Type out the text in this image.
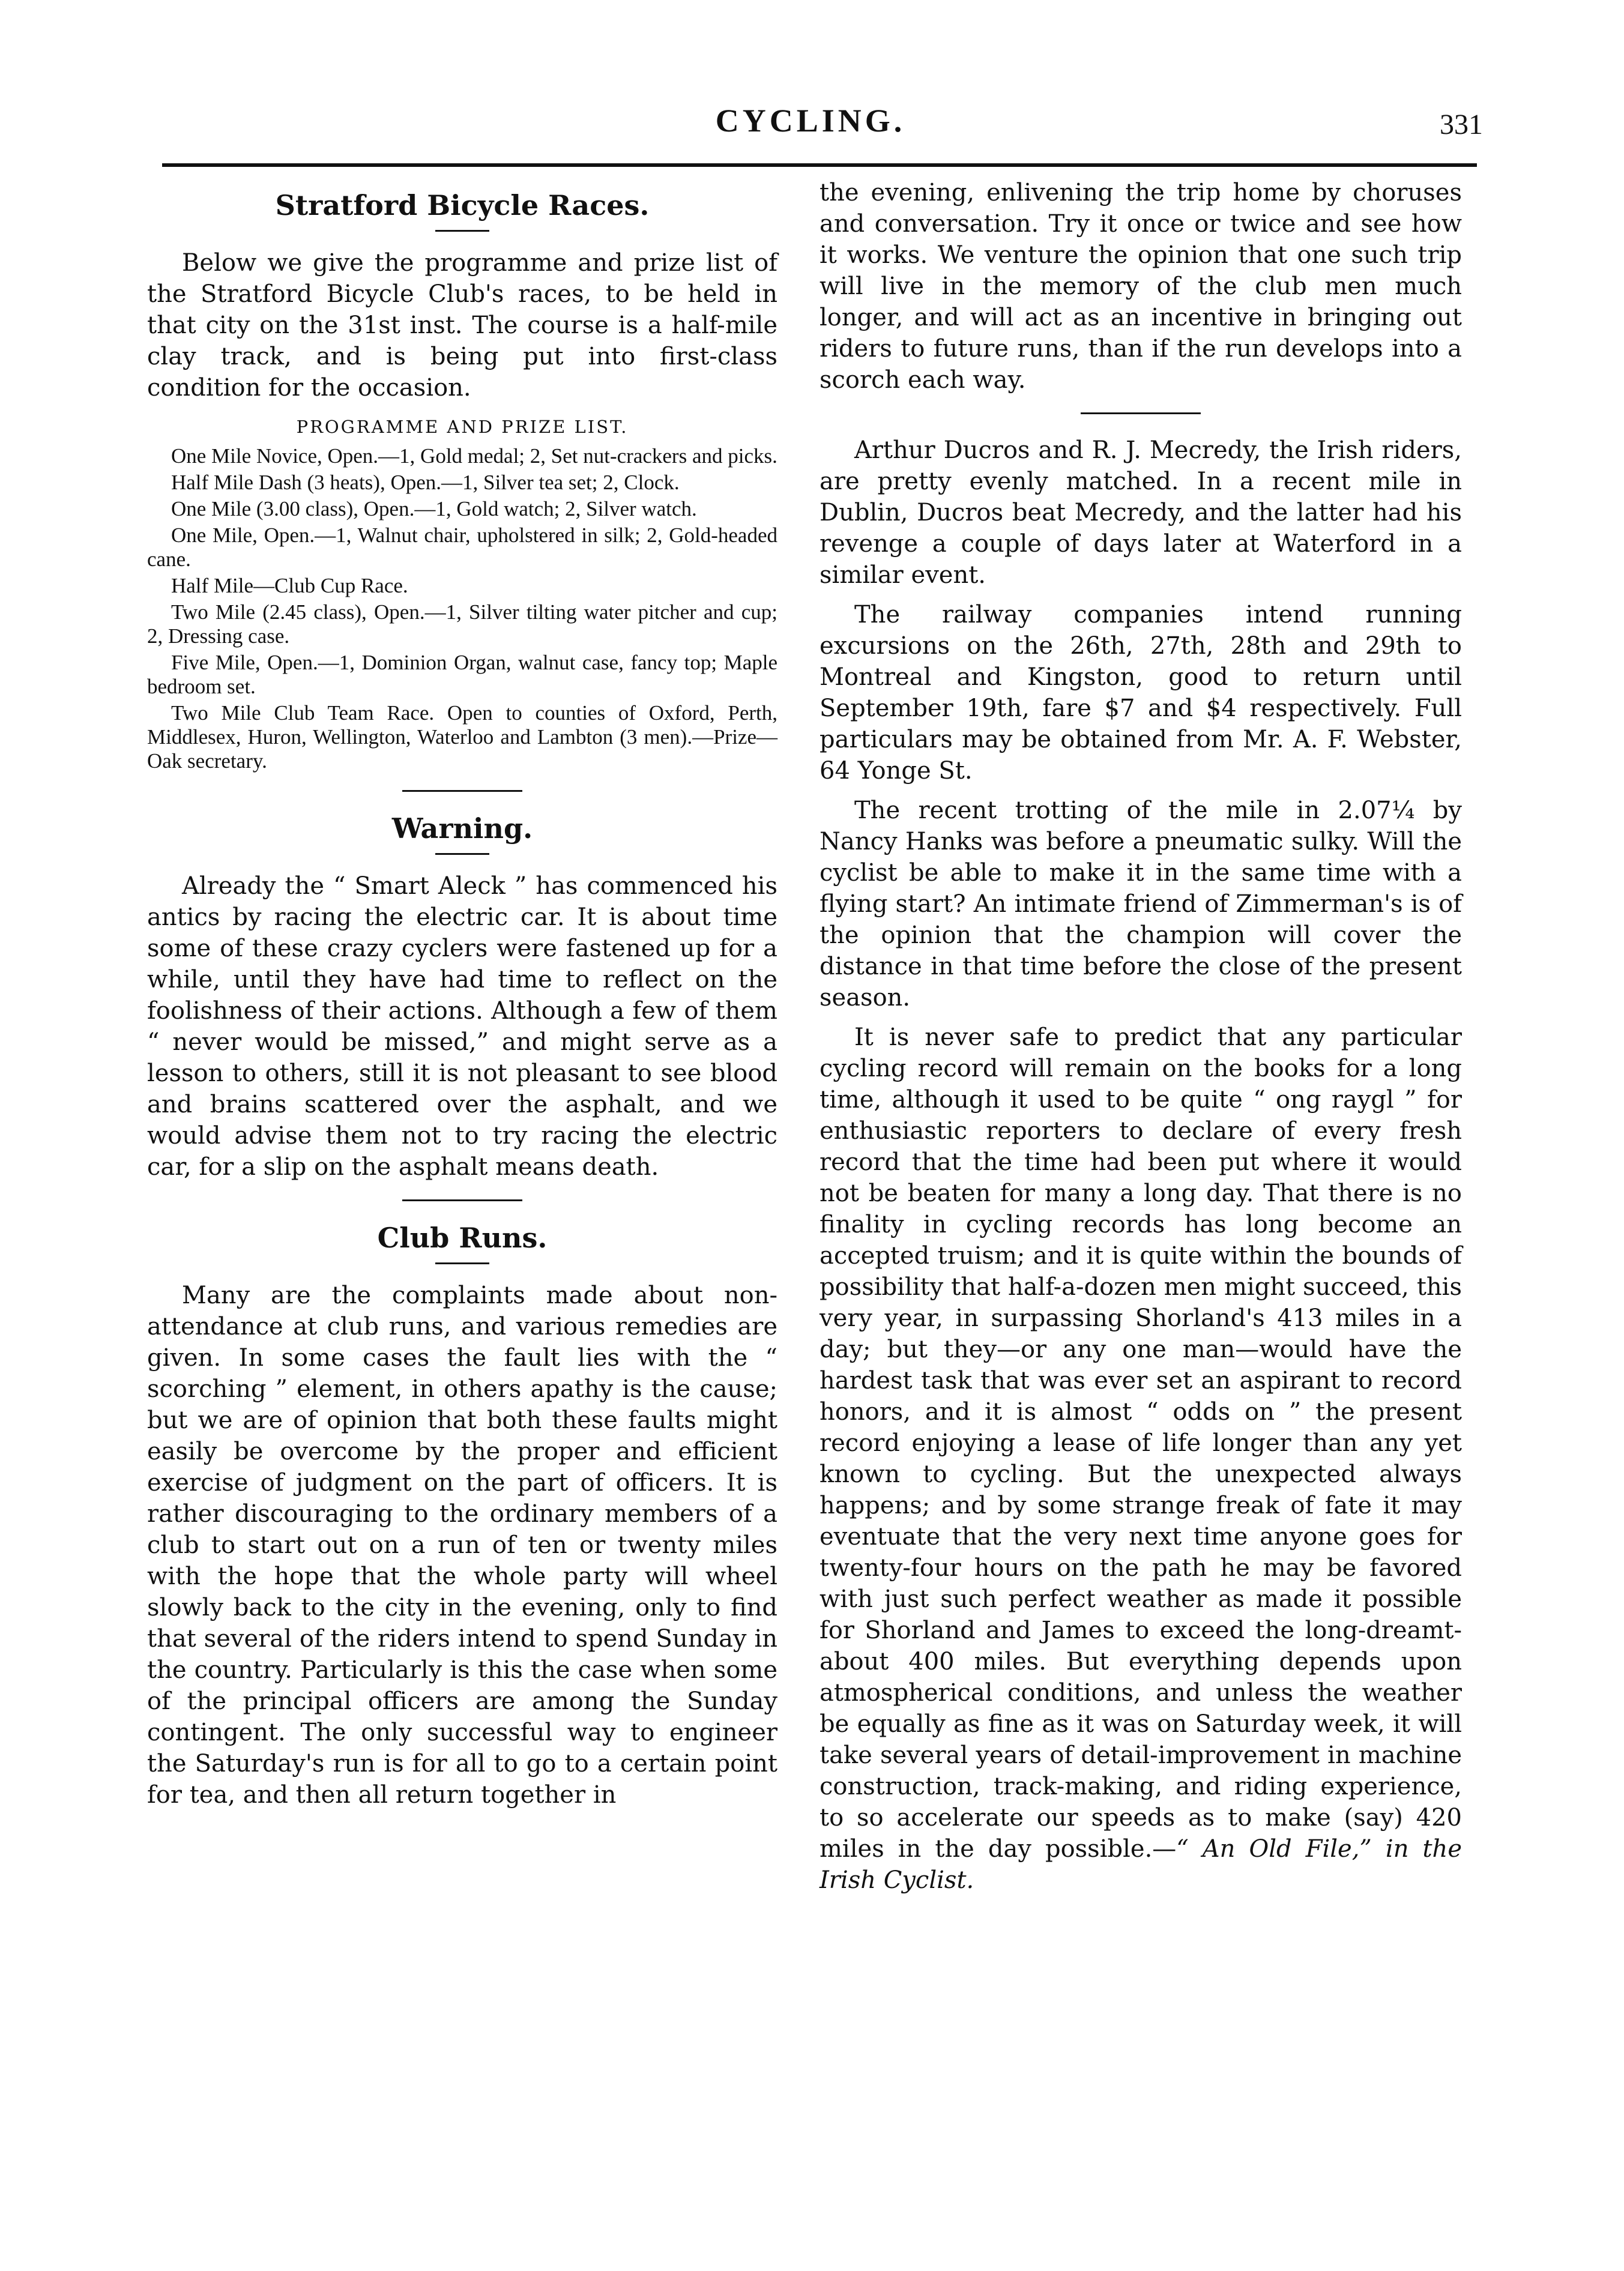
CYCLING.	331
Stratford Bicycle Races.

Below we give the programme and prize list of the Stratford Bicycle Club's races, to be held in that city on the 31st inst. The course is a half-mile clay track, and is being put into first-class condition for the occasion.

PROGRAMME AND PRIZE LIST.
One Mile Novice, Open.—1, Gold medal; 2, Set nut-crackers and picks.
Half Mile Dash (3 heats), Open.—1, Silver tea set; 2, Clock.
One Mile (3.00 class), Open.—1, Gold watch; 2, Silver watch.
One Mile, Open.—1, Walnut chair, upholstered in silk; 2, Gold-headed cane.
Half Mile—Club Cup Race.
Two Mile (2.45 class), Open.—1, Silver tilting water pitcher and cup; 2, Dressing case.
Five Mile, Open.—1, Dominion Organ, walnut case, fancy top; Maple bedroom set.
Two Mile Club Team Race. Open to counties of Oxford, Perth, Middlesex, Huron, Wellington, Waterloo and Lambton (3 men).—Prize—Oak secretary.
Warning.

Already the “ Smart Aleck ” has commenced his antics by racing the electric car. It is about time some of these crazy cyclers were fastened up for a while, until they have had time to reflect on the foolishness of their actions. Although a few of them “ never would be missed,” and might serve as a lesson to others, still it is not pleasant to see blood and brains scattered over the asphalt, and we would advise them not to try racing the electric car, for a slip on the asphalt means death.

Club Runs.

Many are the complaints made about non-attendance at club runs, and various remedies are given. In some cases the fault lies with the “ scorching ” element, in others apathy is the cause; but we are of opinion that both these faults might easily be overcome by the proper and efficient exercise of judgment on the part of officers. It is rather discouraging to the ordinary members of a club to start out on a run of ten or twenty miles with the hope that the whole party will wheel slowly back to the city in the evening, only to find that several of the riders intend to spend Sunday in the country. Particularly is this the case when some of the principal officers are among the Sunday contingent. The only successful way to engineer the Saturday's run is for all to go to a certain point for tea, and then all return together in

the evening, enlivening the trip home by choruses and conversation. Try it once or twice and see how it works. We venture the opinion that one such trip will live in the memory of the club men much longer, and will act as an incentive in bringing out riders to future runs, than if the run develops into a scorch each way.

Arthur Ducros and R. J. Mecredy, the Irish riders, are pretty evenly matched. In a recent mile in Dublin, Ducros beat Mecredy, and the latter had his revenge a couple of days later at Waterford in a similar event.

The railway companies intend running excursions on the 26th, 27th, 28th and 29th to Montreal and Kingston, good to return until September 19th, fare $7 and $4 respectively. Full particulars may be obtained from Mr. A. F. Webster, 64 Yonge St.

The recent trotting of the mile in 2.07¼ by Nancy Hanks was before a pneumatic sulky. Will the cyclist be able to make it in the same time with a flying start? An intimate friend of Zimmerman's is of the opinion that the champion will cover the distance in that time before the close of the present season.

It is never safe to predict that any particular cycling record will remain on the books for a long time, although it used to be quite “ ong raygl ” for enthusiastic reporters to declare of every fresh record that the time had been put where it would not be beaten for many a long day. That there is no finality in cycling records has long become an accepted truism; and it is quite within the bounds of possibility that half-a-dozen men might succeed, this very year, in surpassing Shorland's 413 miles in a day; but they—or any one man—would have the hardest task that was ever set an aspirant to record honors, and it is almost “ odds on ” the present record enjoying a lease of life longer than any yet known to cycling. But the unexpected always happens; and by some strange freak of fate it may eventuate that the very next time anyone goes for twenty-four hours on the path he may be favored with just such perfect weather as made it possible for Shorland and James to exceed the long-dreamt-about 400 miles. But everything depends upon atmospherical conditions, and unless the weather be equally as fine as it was on Saturday week, it will take several years of detail-improvement in machine construction, track-making, and riding experience, to so accelerate our speeds as to make (say) 420 miles in the day possible.—“ An Old File,” in the Irish Cyclist.
